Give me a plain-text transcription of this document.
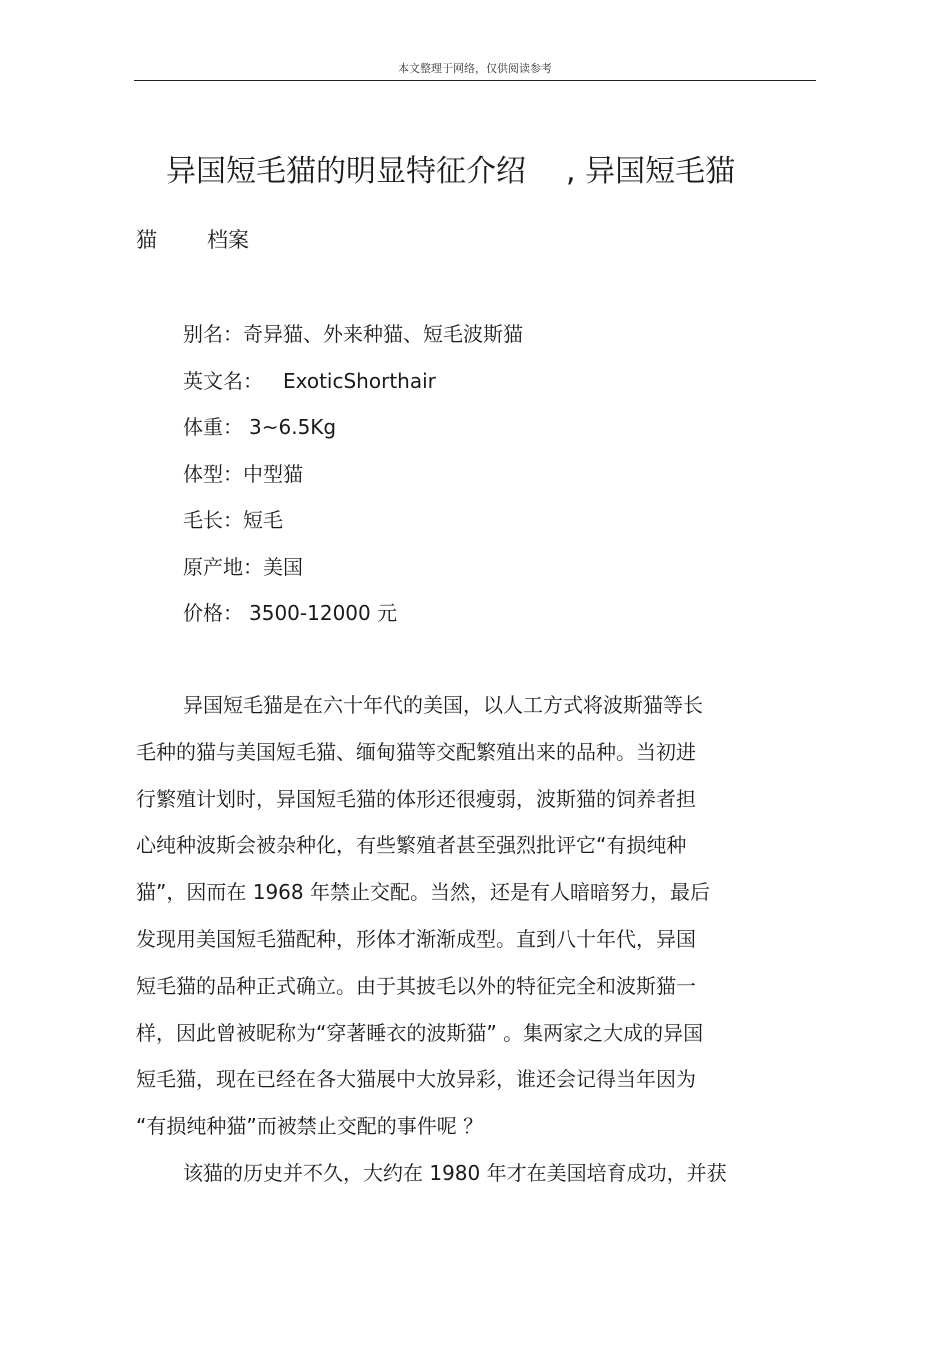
本文整理于网络，仅供阅读参考
异国短毛猫的明显特征介绍 , 异国短毛猫
猫 档案
别名：奇异猫、外来种猫、短毛波斯猫
英文名： ExoticShorthair
体重： 3~6.5Kg
体型：中型猫
毛长：短毛
原产地：美国
价格： 3500-12000 元
异国短毛猫是在六十年代的美国，以人工方式将波斯猫等长
毛种的猫与美国短毛猫、缅甸猫等交配繁殖出来的品种。当初进
行繁殖计划时，异国短毛猫的体形还很瘦弱，波斯猫的饲养者担
心纯种波斯会被杂种化，有些繁殖者甚至强烈批评它“有损纯种
猫”，因而在 1968 年禁止交配。当然，还是有人暗暗努力，最后
发现用美国短毛猫配种，形体才渐渐成型。直到八十年代，异国
短毛猫的品种正式确立。由于其披毛以外的特征完全和波斯猫一
样，因此曾被昵称为“穿著睡衣的波斯猫” 。集两家之大成的异国
短毛猫，现在已经在各大猫展中大放异彩，谁还会记得当年因为
“有损纯种猫”而被禁止交配的事件呢 ？
该猫的历史并不久，大约在 1980 年才在美国培育成功，并获
